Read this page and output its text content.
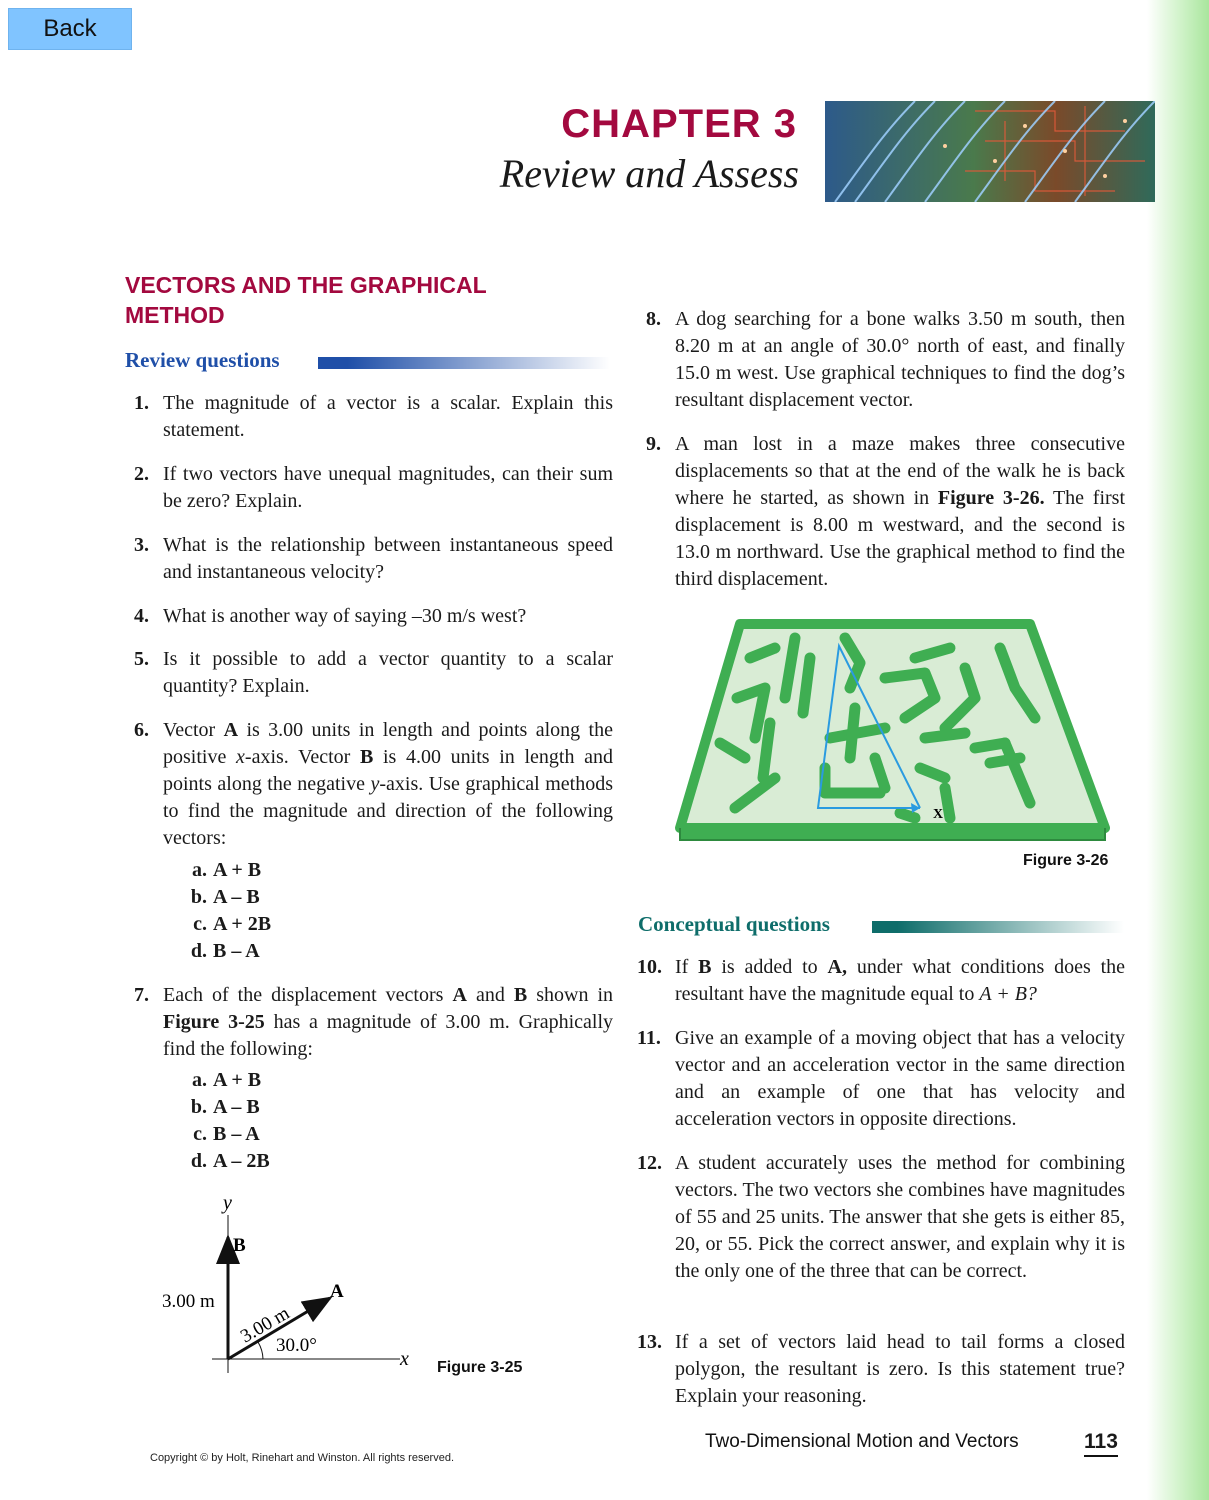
Back
CHAPTER 3
Review and Assess
VECTORS AND THE GRAPHICAL METHOD
Review questions
1. The magnitude of a vector is a scalar. Explain this statement.
2. If two vectors have unequal magnitudes, can their sum be zero? Explain.
3. What is the relationship between instantaneous speed and instantaneous velocity?
4. What is another way of saying –30 m/s west?
5. Is it possible to add a vector quantity to a scalar quantity? Explain.
6. Vector A is 3.00 units in length and points along the positive x-axis. Vector B is 4.00 units in length and points along the negative y-axis. Use graphical methods to find the magnitude and direction of the following vectors:
a. A + B
b. A – B
c. A + 2B
d. B – A
7. Each of the displacement vectors A and B shown in Figure 3-25 has a magnitude of 3.00 m. Graphically find the following:
a. A + B
b. A – B
c. B – A
d. A – 2B
y
x
B
A
3.00 m
3.00 m
30.0°
Figure 3-25
8. A dog searching for a bone walks 3.50 m south, then 8.20 m at an angle of 30.0° north of east, and finally 15.0 m west. Use graphical techniques to find the dog’s resultant displacement vector.
9. A man lost in a maze makes three consecutive displacements so that at the end of the walk he is back where he started, as shown in Figure 3-26. The first displacement is 8.00 m westward, and the second is 13.0 m northward. Use the graphical method to find the third displacement.
X
Figure 3-26
Conceptual questions
10. If B is added to A, under what conditions does the resultant have the magnitude equal to A + B?
11. Give an example of a moving object that has a velocity vector and an acceleration vector in the same direction and an example of one that has velocity and acceleration vectors in opposite directions.
12. A student accurately uses the method for combining vectors. The two vectors she combines have magnitudes of 55 and 25 units. The answer that she gets is either 85, 20, or 55. Pick the correct answer, and explain why it is the only one of the three that can be correct.
13. If a set of vectors laid head to tail forms a closed polygon, the resultant is zero. Is this statement true? Explain your reasoning.
Two-Dimensional Motion and Vectors	113
Copyright © by Holt, Rinehart and Winston. All rights reserved.
